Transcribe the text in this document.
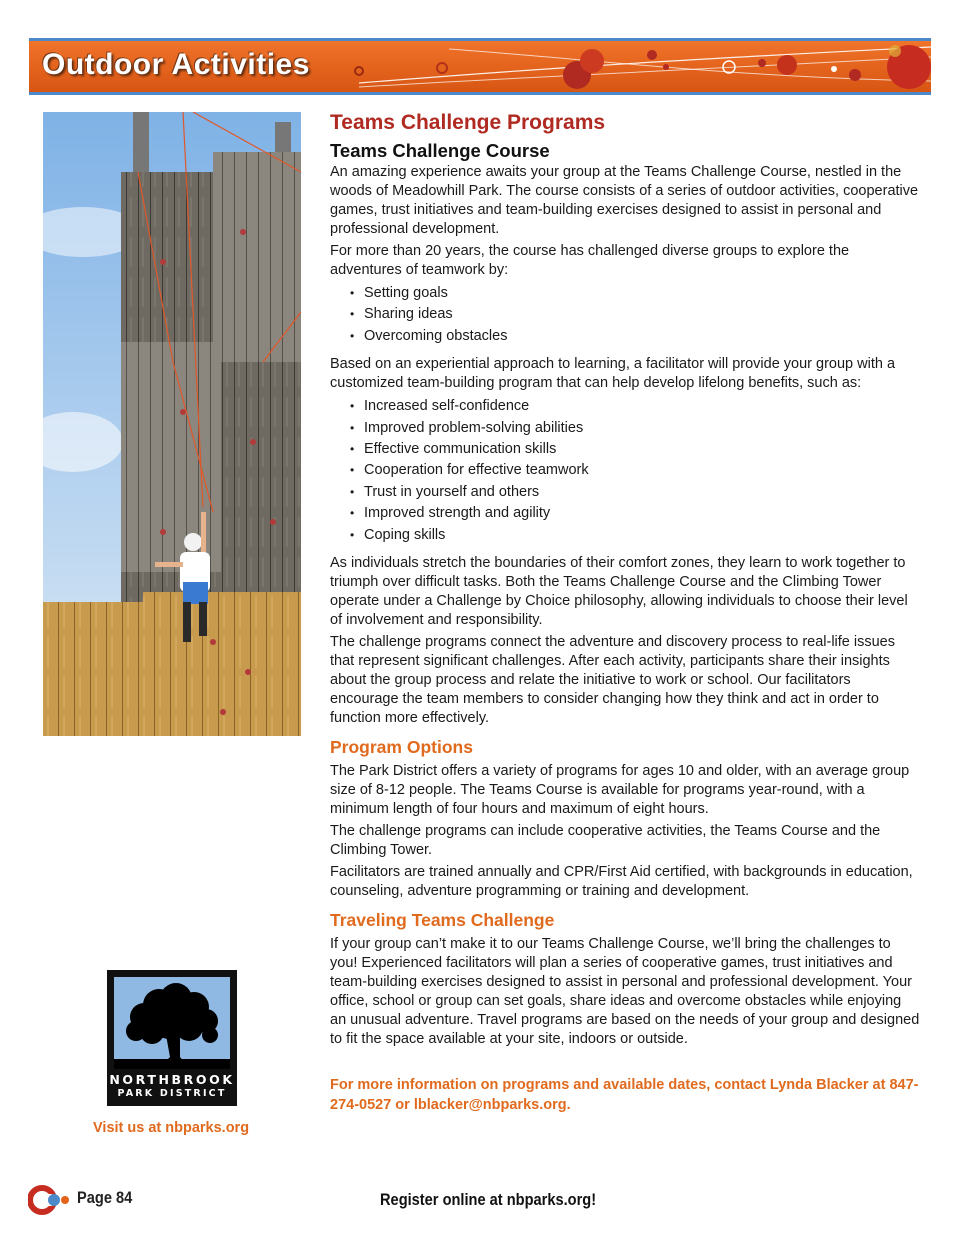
Outdoor Activities
Teams Challenge Programs
Teams Challenge Course

An amazing experience awaits your group at the Teams Challenge Course, nestled in the woods of Meadowhill Park. The course consists of a series of outdoor activities, cooperative games, trust initiatives and team-building exercises designed to assist in personal and professional development.

For more than 20 years, the course has challenged diverse groups to explore the adventures of teamwork by:

• Setting goals
• Sharing ideas
• Overcoming obstacles

Based on an experiential approach to learning, a facilitator will provide your group with a customized team-building program that can help develop lifelong benefits, such as:

• Increased self-confidence
• Improved problem-solving abilities
• Effective communication skills
• Cooperation for effective teamwork
• Trust in yourself and others
• Improved strength and agility
• Coping skills

As individuals stretch the boundaries of their comfort zones, they learn to work together to triumph over difficult tasks. Both the Teams Challenge Course and the Climbing Tower operate under a Challenge by Choice philosophy, allowing individuals to choose their level of involvement and responsibility.

The challenge programs connect the adventure and discovery process to real-life issues that represent significant challenges. After each activity, participants share their insights about the group process and relate the initiative to work or school. Our facilitators encourage the team members to consider changing how they think and act in order to function more effectively.

Program Options

The Park District offers a variety of programs for ages 10 and older, with an average group size of 8-12 people. The Teams Course is available for programs year-round, with a minimum length of four hours and maximum of eight hours.

The challenge programs can include cooperative activities, the Teams Course and the Climbing Tower.

Facilitators are trained annually and CPR/First Aid certified, with backgrounds in education, counseling, adventure programming or training and development.

Traveling Teams Challenge

If your group can’t make it to our Teams Challenge Course, we’ll bring the challenges to you! Experienced facilitators will plan a series of cooperative games, trust initiatives and team-building exercises designed to assist in personal and professional development. Your office, school or group can set goals, share ideas and overcome obstacles while enjoying an unusual adventure. Travel programs are based on the needs of your group and designed to fit the space available at your site, indoors or outside.

For more information on programs and available dates, contact Lynda Blacker at 847-274-0527 or lblacker@nbparks.org.
NORTHBROOK
PARK DISTRICT
Visit us at nbparks.org
Page 84	Register online at nbparks.org!
